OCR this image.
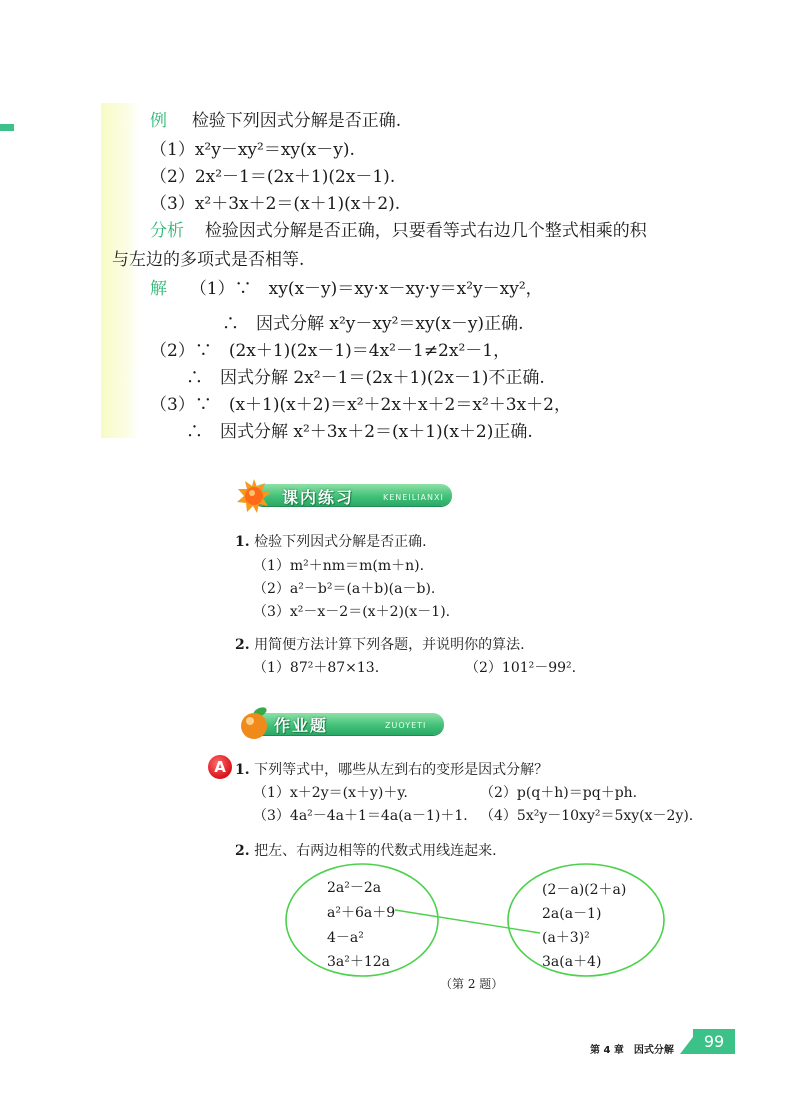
例 检验下列因式分解是否正确.
（1）x²y－xy²＝xy(x－y).
（2）2x²－1＝(2x＋1)(2x－1).
（3）x²＋3x＋2＝(x＋1)(x＋2).
分析 检验因式分解是否正确，只要看等式右边几个整式相乘的积
与左边的多项式是否相等.
解 （1）∵　xy(x－y)＝xy·x－xy·y＝x²y－xy²，
∴　因式分解 x²y－xy²＝xy(x－y)正确.
（2）∵　(2x＋1)(2x－1)＝4x²－1≠2x²－1，
∴　因式分解 2x²－1＝(2x＋1)(2x－1)不正确.
（3）∵　(x＋1)(x＋2)＝x²＋2x＋x＋2＝x²＋3x＋2，
∴　因式分解 x²＋3x＋2＝(x＋1)(x＋2)正确.
课内练习	KENEILIANXI
1. 检验下列因式分解是否正确.
（1）m²＋nm＝m(m＋n).
（2）a²－b²＝(a＋b)(a－b).
（3）x²－x－2＝(x＋2)(x－1).
2. 用简便方法计算下列各题，并说明你的算法.
（1）87²＋87×13.	（2）101²－99².
作业题	ZUOYETI
A 1. 下列等式中，哪些从左到右的变形是因式分解？
（1）x＋2y＝(x＋y)＋y.	（2）p(q＋h)＝pq＋ph.
（3）4a²－4a＋1＝4a(a－1)＋1. （4）5x²y－10xy²＝5xy(x－2y).
2. 把左、右两边相等的代数式用线连起来.
2a²－2a
a²＋6a＋9
4－a²
3a²＋12a
(2－a)(2＋a)
2a(a－1)
(a＋3)²
3a(a＋4)
（第 2 题）
第 4 章　因式分解	99
